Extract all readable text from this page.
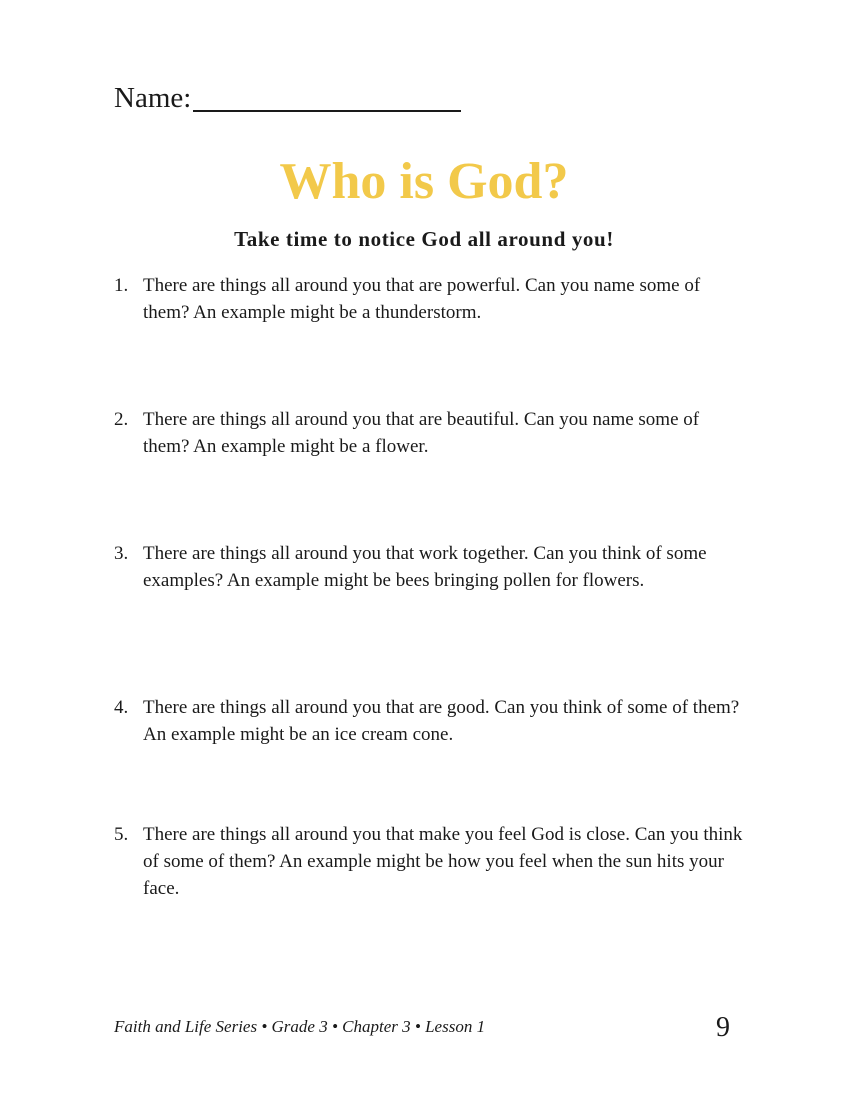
Name:
Who is God?
Take time to notice God all around you!
1. There are things all around you that are powerful. Can you name some of them? An example might be a thunderstorm.
2. There are things all around you that are beautiful. Can you name some of them? An example might be a flower.
3. There are things all around you that work together. Can you think of some examples? An example might be bees bringing pollen for flowers.
4. There are things all around you that are good. Can you think of some of them? An example might be an ice cream cone.
5. There are things all around you that make you feel God is close. Can you think of some of them? An example might be how you feel when the sun hits your face.
Faith and Life Series • Grade 3 • Chapter 3 • Lesson 1	9
